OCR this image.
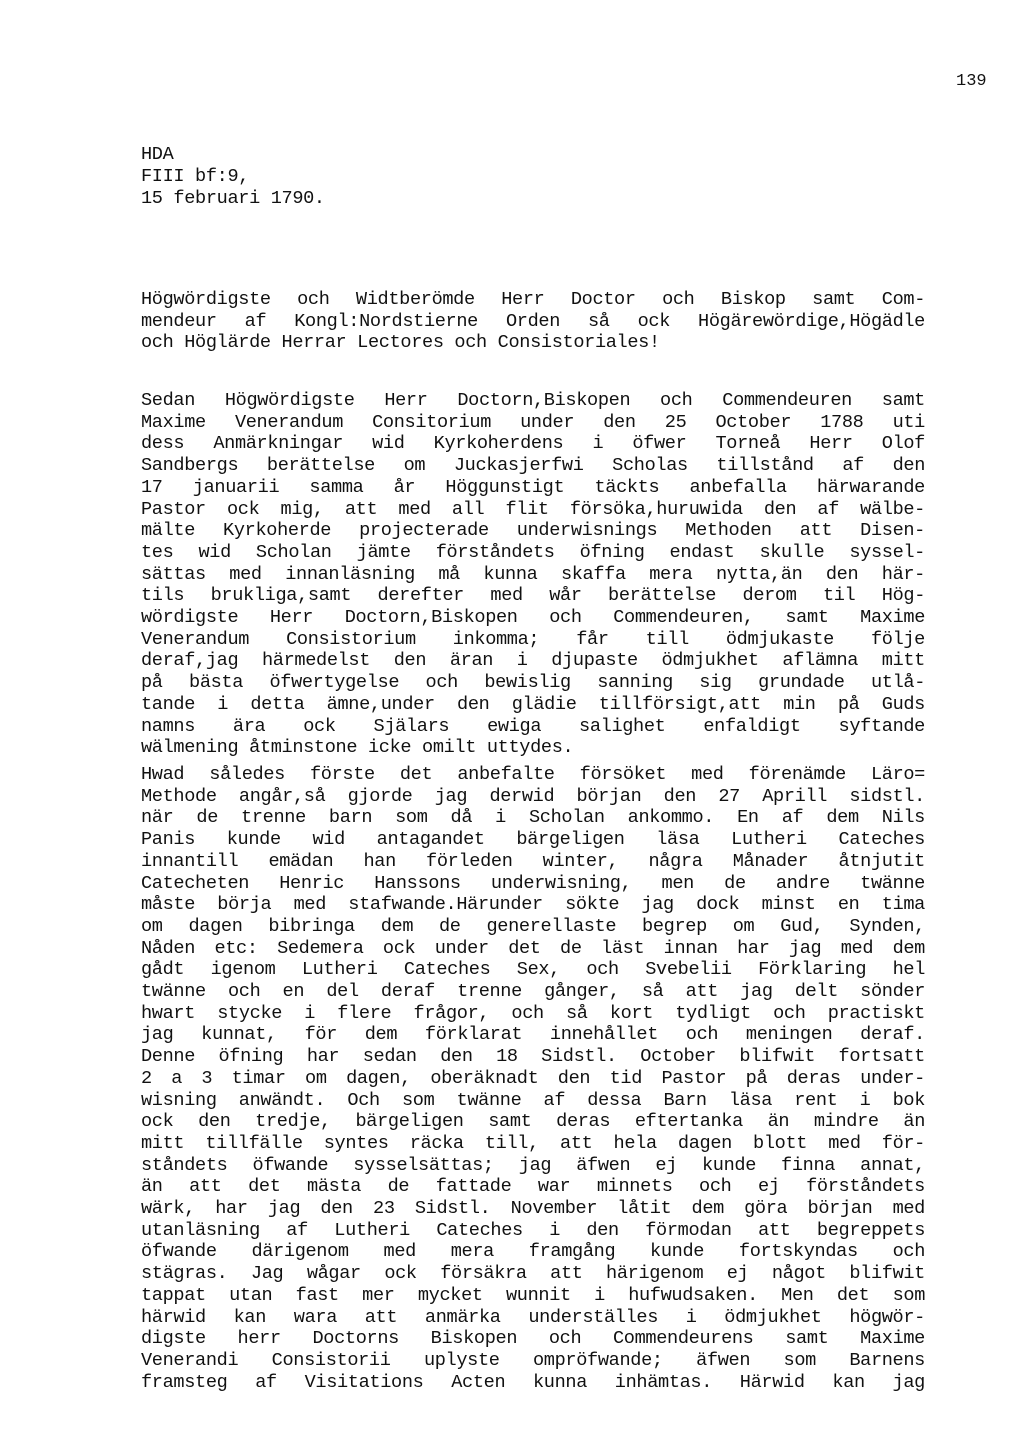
139
HDA
FIII bf:9,
15 februari 1790.
Högwördigste och Widtberömde Herr Doctor och Biskop samt Com-
mendeur af Kongl:Nordstierne Orden så ock Högärewördige,Högädle
och Höglärde Herrar Lectores och Consistoriales!
Sedan Högwördigste Herr Doctorn,Biskopen och Commendeuren samt
Maxime Venerandum Consitorium under den 25 October 1788 uti
dess Anmärkningar wid Kyrkoherdens i öfwer Torneå Herr Olof
Sandbergs berättelse om Juckasjerfwi Scholas tillstånd af den
17 januarii samma år Höggunstigt täckts anbefalla härwarande
Pastor ock mig, att med all flit försöka,huruwida den af wälbe-
mälte Kyrkoherde projecterade underwisnings Methoden att Disen-
tes wid Scholan jämte förståndets öfning endast skulle syssel-
sättas med innanläsning må kunna skaffa mera nytta,än den här-
tils brukliga,samt derefter med wår berättelse derom til Hög-
wördigste Herr Doctorn,Biskopen och Commendeuren, samt Maxime
Venerandum Consistorium inkomma; får till ödmjukaste följe
deraf,jag härmedelst den äran i djupaste ödmjukhet aflämna mitt
på bästa öfwertygelse och bewislig sanning sig grundade utlå-
tande i detta ämne,under den glädie tillförsigt,att min på Guds
namns ära ock Själars ewiga salighet enfaldigt syftande
wälmening åtminstone icke omilt uttydes.
Hwad således förste det anbefalte försöket med förenämde Läro=
Methode angår,så gjorde jag derwid början den 27 Aprill sidstl.
när de trenne barn som då i Scholan ankommo. En af dem Nils
Panis kunde wid antagandet bärgeligen läsa Lutheri Cateches
innantill emädan han förleden winter, några Månader åtnjutit
Catecheten Henric Hanssons underwisning, men de andre twänne
måste börja med stafwande.Härunder sökte jag dock minst en tima
om dagen bibringa dem de generellaste begrep om Gud, Synden,
Nåden etc: Sedemera ock under det de läst innan har jag med dem
gådt igenom Lutheri Cateches Sex, och Svebelii Förklaring hel
twänne och en del deraf trenne gånger, så att jag delt sönder
hwart stycke i flere frågor, och så kort tydligt och practiskt
jag kunnat, för dem förklarat innehållet och meningen deraf.
Denne öfning har sedan den 18 Sidstl. October blifwit fortsatt
2 a 3 timar om dagen, oberäknadt den tid Pastor på deras under-
wisning anwändt. Och som twänne af dessa Barn läsa rent i bok
ock den tredje, bärgeligen samt deras eftertanka än mindre än
mitt tillfälle syntes räcka till, att hela dagen blott med för-
ståndets öfwande sysselsättas; jag äfwen ej kunde finna annat,
än att det mästa de fattade war minnets och ej förståndets
wärk, har jag den 23 Sidstl. November låtit dem göra början med
utanläsning af Lutheri Cateches i den förmodan att begreppets
öfwande därigenom med mera framgång kunde fortskyndas och
stägras. Jag wågar ock försäkra att härigenom ej något blifwit
tappat utan fast mer mycket wunnit i hufwudsaken. Men det som
härwid kan wara att anmärka underställes i ödmjukhet högwör-
digste herr Doctorns Biskopen och Commendeurens samt Maxime
Venerandi Consistorii uplyste ompröfwande; äfwen som Barnens
framsteg af Visitations Acten kunna inhämtas. Härwid kan jag
